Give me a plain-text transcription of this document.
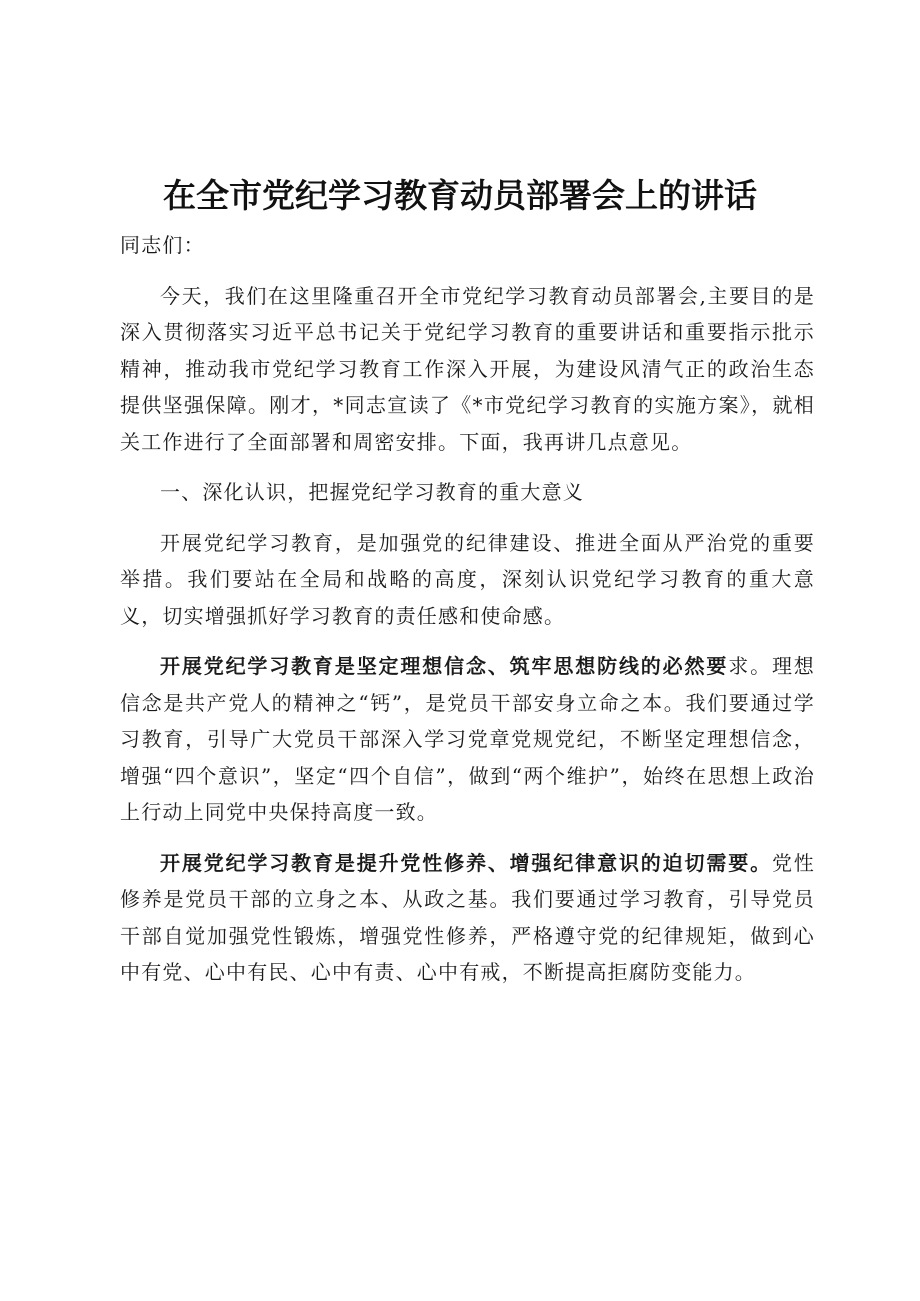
在全市党纪学习教育动员部署会上的讲话

同志们：

今天，我们在这里隆重召开全市党纪学习教育动员部署会,主要目的是深入贯彻落实习近平总书记关于党纪学习教育的重要讲话和重要指示批示精神，推动我市党纪学习教育工作深入开展，为建设风清气正的政治生态提供坚强保障。刚才，*同志宣读了《*市党纪学习教育的实施方案》，就相关工作进行了全面部署和周密安排。下面，我再讲几点意见。

一、深化认识，把握党纪学习教育的重大意义

开展党纪学习教育，是加强党的纪律建设、推进全面从严治党的重要举措。我们要站在全局和战略的高度，深刻认识党纪学习教育的重大意义，切实增强抓好学习教育的责任感和使命感。

开展党纪学习教育是坚定理想信念、筑牢思想防线的必然要求。理想信念是共产党人的精神之“钙”，是党员干部安身立命之本。我们要通过学习教育，引导广大党员干部深入学习党章党规党纪，不断坚定理想信念，增强“四个意识”，坚定“四个自信”，做到“两个维护”，始终在思想上政治上行动上同党中央保持高度一致。

开展党纪学习教育是提升党性修养、增强纪律意识的迫切需要。党性修养是党员干部的立身之本、从政之基。我们要通过学习教育，引导党员干部自觉加强党性锻炼，增强党性修养，严格遵守党的纪律规矩，做到心中有党、心中有民、心中有责、心中有戒，不断提高拒腐防变能力。
